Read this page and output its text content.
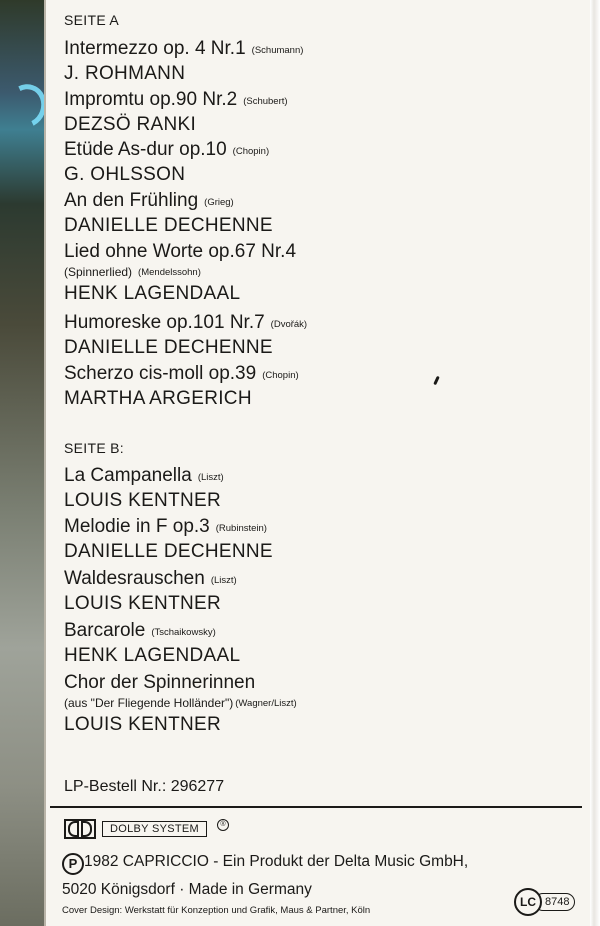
SEITE A
Intermezzo op. 4 Nr.1 (Schumann)
J. ROHMANN
Impromtu op.90 Nr.2 (Schubert)
DEZSÖ RANKI
Etüde As-dur op.10 (Chopin)
G. OHLSSON
An den Frühling (Grieg)
DANIELLE DECHENNE
Lied ohne Worte op.67 Nr.4
(Spinnerlied) (Mendelssohn)
HENK LAGENDAAL
Humoreske op.101 Nr.7 (Dvořák)
DANIELLE DECHENNE
Scherzo cis-moll op.39 (Chopin)
MARTHA ARGERICH
SEITE B:
La Campanella (Liszt)
LOUIS KENTNER
Melodie in F op.3 (Rubinstein)
DANIELLE DECHENNE
Waldesrauschen (Liszt)
LOUIS KENTNER
Barcarole (Tschaikowsky)
HENK LAGENDAAL
Chor der Spinnerinnen
(aus "Der Fliegende Holländer") (Wagner/Liszt)
LOUIS KENTNER
LP-Bestell Nr.: 296277
DOLBY SYSTEM	®
P 1982 CAPRICCIO - Ein Produkt der Delta Music GmbH,
5020 Königsdorf · Made in Germany
Cover Design: Werkstatt für Konzeption und Grafik, Maus & Partner, Köln
LC 8748
